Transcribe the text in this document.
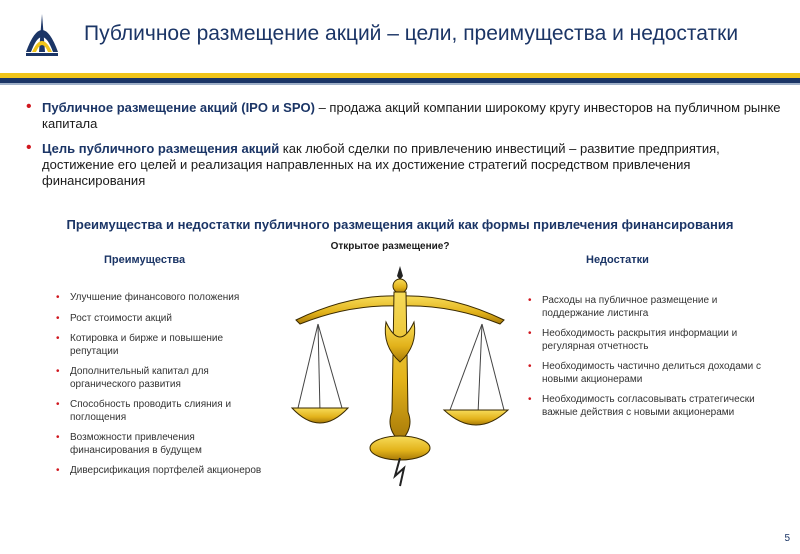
Публичное размещение акций – цели, преимущества и недостатки
• Публичное размещение акций (IPO и SPO) – продажа акций компании широкому кругу инвесторов на публичном рынке капитала
• Цель публичного размещения акций как любой сделки по привлечению инвестиций – развитие предприятия, достижение его целей и реализация направленных на их достижение стратегий посредством привлечения финансирования
Преимущества и недостатки публичного размещения акций как формы привлечения финансирования
Открытое размещение?
Преимущества	Недостатки
• Улучшение финансового положения
• Рост стоимости акций
• Котировка и бирже и повышение репутации
• Дополнительный капитал для органического развития
• Способность проводить слияния и поглощения
• Возможности привлечения финансирования в будущем
• Диверсификация портфелей акционеров
• Расходы на публичное размещение и поддержание листинга
• Необходимость раскрытия информации и регулярная отчетность
• Необходимость частично делиться доходами с новыми акционерами
• Необходимость согласовывать стратегически важные действия с новыми акционерами
5
